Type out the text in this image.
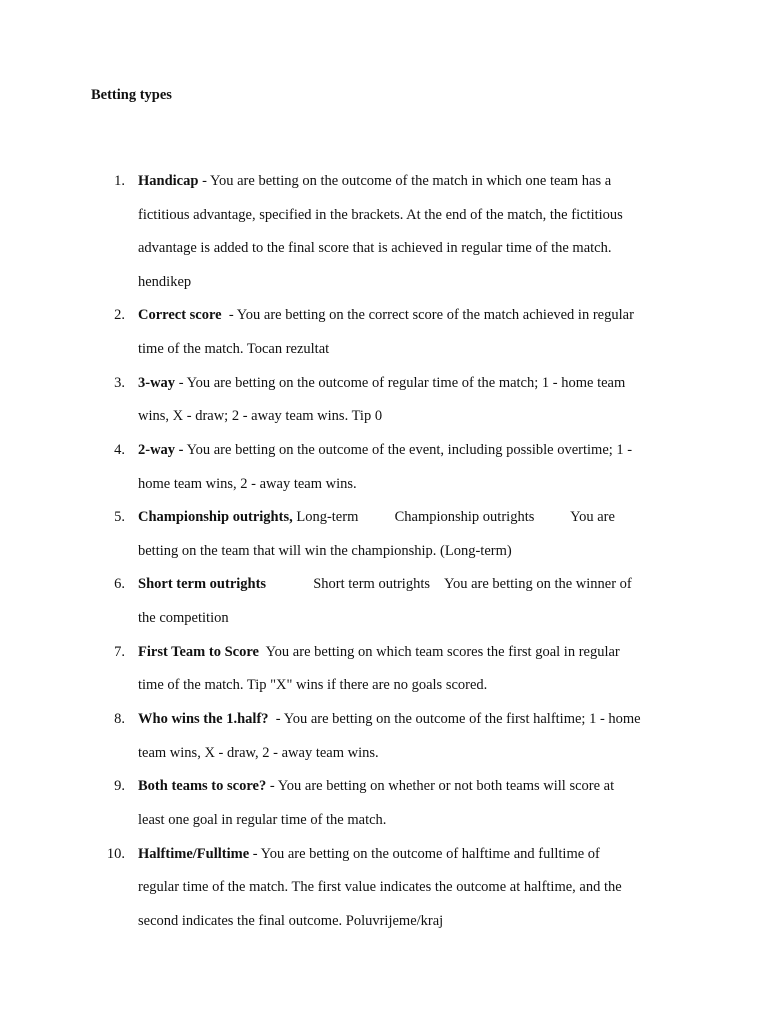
Betting types
1. Handicap - You are betting on the outcome of the match in which one team has a
fictitious advantage, specified in the brackets. At the end of the match, the fictitious
advantage is added to the final score that is achieved in regular time of the match.
hendikep
2. Correct score  - You are betting on the correct score of the match achieved in regular
time of the match. Tocan rezultat
3. 3-way - You are betting on the outcome of regular time of the match; 1 - home team
wins, X - draw; 2 - away team wins. Tip 0
4. 2-way - You are betting on the outcome of the event, including possible overtime; 1 -
home team wins, 2 - away team wins.
5. Championship outrights, Long-term          Championship outrights          You are
betting on the team that will win the championship. (Long-term)
6. Short term outrights             Short term outrights    You are betting on the winner of
the competition
7. First Team to Score  You are betting on which team scores the first goal in regular
time of the match. Tip "X" wins if there are no goals scored.
8. Who wins the 1.half?  - You are betting on the outcome of the first halftime; 1 - home
team wins, X - draw, 2 - away team wins.
9. Both teams to score? - You are betting on whether or not both teams will score at
least one goal in regular time of the match.
10. Halftime/Fulltime - You are betting on the outcome of halftime and fulltime of
regular time of the match. The first value indicates the outcome at halftime, and the
second indicates the final outcome. Poluvrijeme/kraj
